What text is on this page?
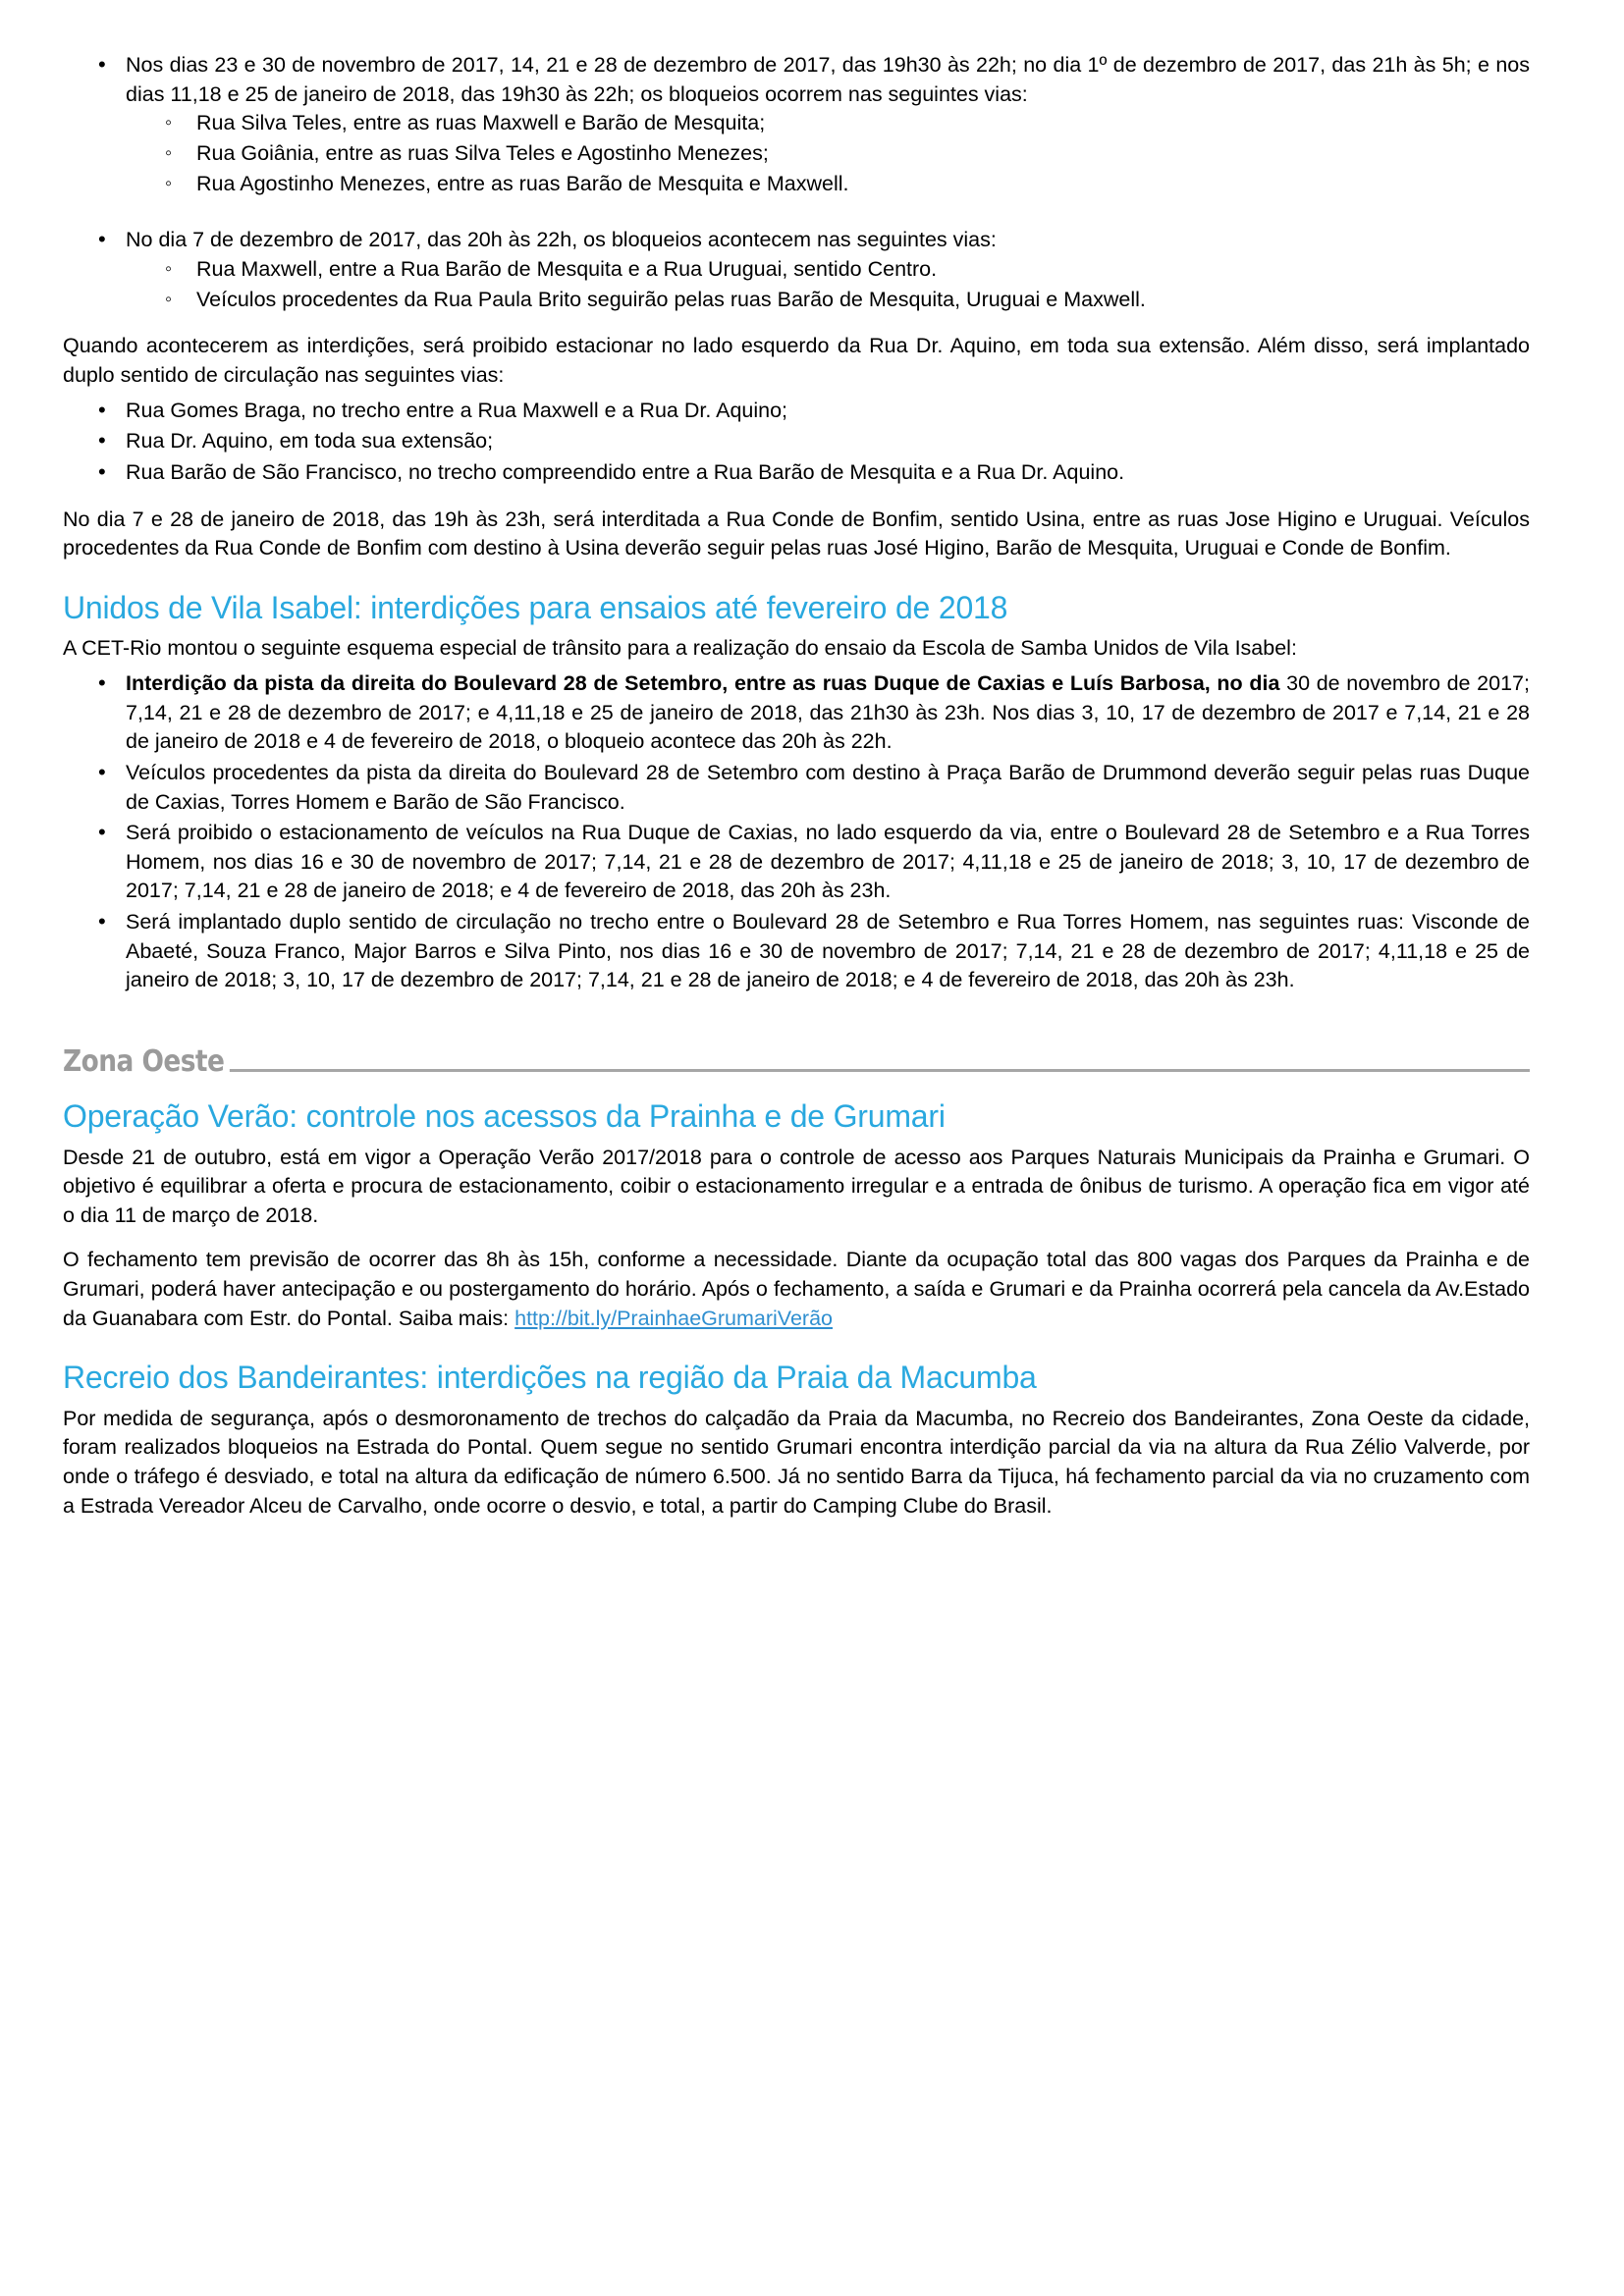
• Nos dias 23 e 30 de novembro de 2017, 14, 21 e 28 de dezembro de 2017, das 19h30 às 22h; no dia 1º de dezembro de 2017, das 21h às 5h; e nos dias 11,18 e 25 de janeiro de 2018, das 19h30 às 22h; os bloqueios ocorrem nas seguintes vias:
◦ Rua Silva Teles, entre as ruas Maxwell e Barão de Mesquita;
◦ Rua Goiânia, entre as ruas Silva Teles e Agostinho Menezes;
◦ Rua Agostinho Menezes, entre as ruas Barão de Mesquita e Maxwell.
• No dia 7 de dezembro de 2017, das 20h às 22h, os bloqueios acontecem nas seguintes vias:
◦ Rua Maxwell, entre a Rua Barão de Mesquita e a Rua Uruguai, sentido Centro.
◦ Veículos procedentes da Rua Paula Brito seguirão pelas ruas Barão de Mesquita, Uruguai e Maxwell.

Quando acontecerem as interdições, será proibido estacionar no lado esquerdo da Rua Dr. Aquino, em toda sua extensão. Além disso, será implantado duplo sentido de circulação nas seguintes vias:

• Rua Gomes Braga, no trecho entre a Rua Maxwell e a Rua Dr. Aquino;
• Rua Dr. Aquino, em toda sua extensão;
• Rua Barão de São Francisco, no trecho compreendido entre a Rua Barão de Mesquita e a Rua Dr. Aquino.

No dia 7 e 28 de janeiro de 2018, das 19h às 23h, será interditada a Rua Conde de Bonfim, sentido Usina, entre as ruas Jose Higino e Uruguai. Veículos procedentes da Rua Conde de Bonfim com destino à Usina deverão seguir pelas ruas José Higino, Barão de Mesquita, Uruguai e Conde de Bonfim.

Unidos de Vila Isabel: interdições para ensaios até fevereiro de 2018

A CET-Rio montou o seguinte esquema especial de trânsito para a realização do ensaio da Escola de Samba Unidos de Vila Isabel:

• Interdição da pista da direita do Boulevard 28 de Setembro, entre as ruas Duque de Caxias e Luís Barbosa, no dia 30 de novembro de 2017; 7,14, 21 e 28 de dezembro de 2017; e 4,11,18 e 25 de janeiro de 2018, das 21h30 às 23h. Nos dias 3, 10, 17 de dezembro de 2017 e 7,14, 21 e 28 de janeiro de 2018 e 4 de fevereiro de 2018, o bloqueio acontece das 20h às 22h.
• Veículos procedentes da pista da direita do Boulevard 28 de Setembro com destino à Praça Barão de Drummond deverão seguir pelas ruas Duque de Caxias, Torres Homem e Barão de São Francisco.
• Será proibido o estacionamento de veículos na Rua Duque de Caxias, no lado esquerdo da via, entre o Boulevard 28 de Setembro e a Rua Torres Homem, nos dias 16 e 30 de novembro de 2017; 7,14, 21 e 28 de dezembro de 2017; 4,11,18 e 25 de janeiro de 2018; 3, 10, 17 de dezembro de 2017; 7,14, 21 e 28 de janeiro de 2018; e 4 de fevereiro de 2018, das 20h às 23h.
• Será implantado duplo sentido de circulação no trecho entre o Boulevard 28 de Setembro e Rua Torres Homem, nas seguintes ruas: Visconde de Abaeté, Souza Franco, Major Barros e Silva Pinto, nos dias 16 e 30 de novembro de 2017; 7,14, 21 e 28 de dezembro de 2017; 4,11,18 e 25 de janeiro de 2018; 3, 10, 17 de dezembro de 2017; 7,14, 21 e 28 de janeiro de 2018; e 4 de fevereiro de 2018, das 20h às 23h.
Zona Oeste
Operação Verão: controle nos acessos da Prainha e de Grumari

Desde 21 de outubro, está em vigor a Operação Verão 2017/2018 para o controle de acesso aos Parques Naturais Municipais da Prainha e Grumari. O objetivo é equilibrar a oferta e procura de estacionamento, coibir o estacionamento irregular e a entrada de ônibus de turismo. A operação fica em vigor até o dia 11 de março de 2018.

O fechamento tem previsão de ocorrer das 8h às 15h, conforme a necessidade. Diante da ocupação total das 800 vagas dos Parques da Prainha e de Grumari, poderá haver antecipação e ou postergamento do horário. Após o fechamento, a saída e Grumari e da Prainha ocorrerá pela cancela da Av.Estado da Guanabara com Estr. do Pontal. Saiba mais: http://bit.ly/PrainhaeGrumariVerão

Recreio dos Bandeirantes: interdições na região da Praia da Macumba

Por medida de segurança, após o desmoronamento de trechos do calçadão da Praia da Macumba, no Recreio dos Bandeirantes, Zona Oeste da cidade, foram realizados bloqueios na Estrada do Pontal. Quem segue no sentido Grumari encontra interdição parcial da via na altura da Rua Zélio Valverde, por onde o tráfego é desviado, e total na altura da edificação de número 6.500. Já no sentido Barra da Tijuca, há fechamento parcial da via no cruzamento com a Estrada Vereador Alceu de Carvalho, onde ocorre o desvio, e total, a partir do Camping Clube do Brasil.
